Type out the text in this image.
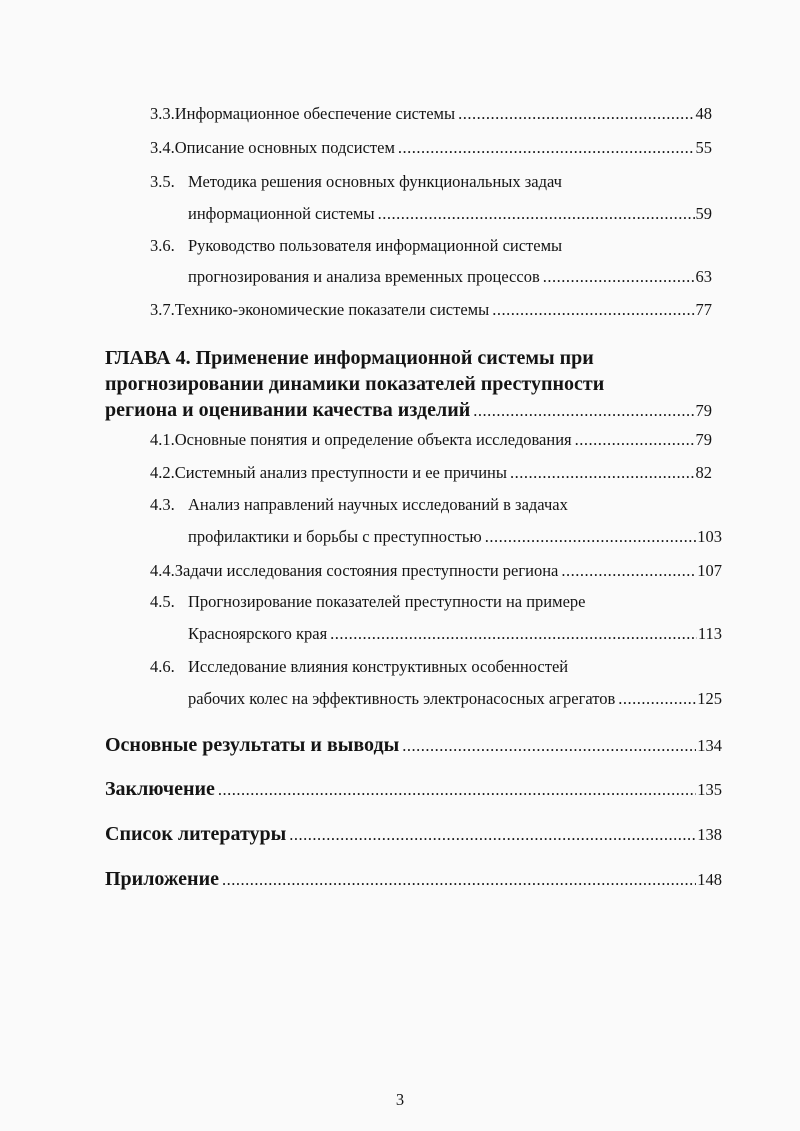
3.3. Информационное обеспечение системы .....	48
3.4. Описание основных подсистем .....	55
3.5. Методика решения основных функциональных задач
информационной системы .....	59
3.6. Руководство пользователя информационной системы
прогнозирования и анализа временных процессов .....	63
3.7. Технико-экономические показатели системы .....	77
ГЛАВА 4. Применение информационной системы при
прогнозировании динамики показателей преступности
региона и оценивании качества изделий .....	79
4.1. Основные понятия и определение объекта исследования .....	79
4.2. Системный анализ преступности и ее причины .....	82
4.3. Анализ направлений научных исследований в задачах
профилактики и борьбы с преступностью .....	103
4.4. Задачи исследования состояния преступности региона .....	107
4.5. Прогнозирование показателей преступности на примере
Красноярского края .....	113
4.6. Исследование влияния конструктивных особенностей
рабочих колес на эффективность электронасосных агрегатов .....	125
Основные результаты и выводы .....	134
Заключение .....	135
Список литературы .....	138
Приложение .....	148
3
